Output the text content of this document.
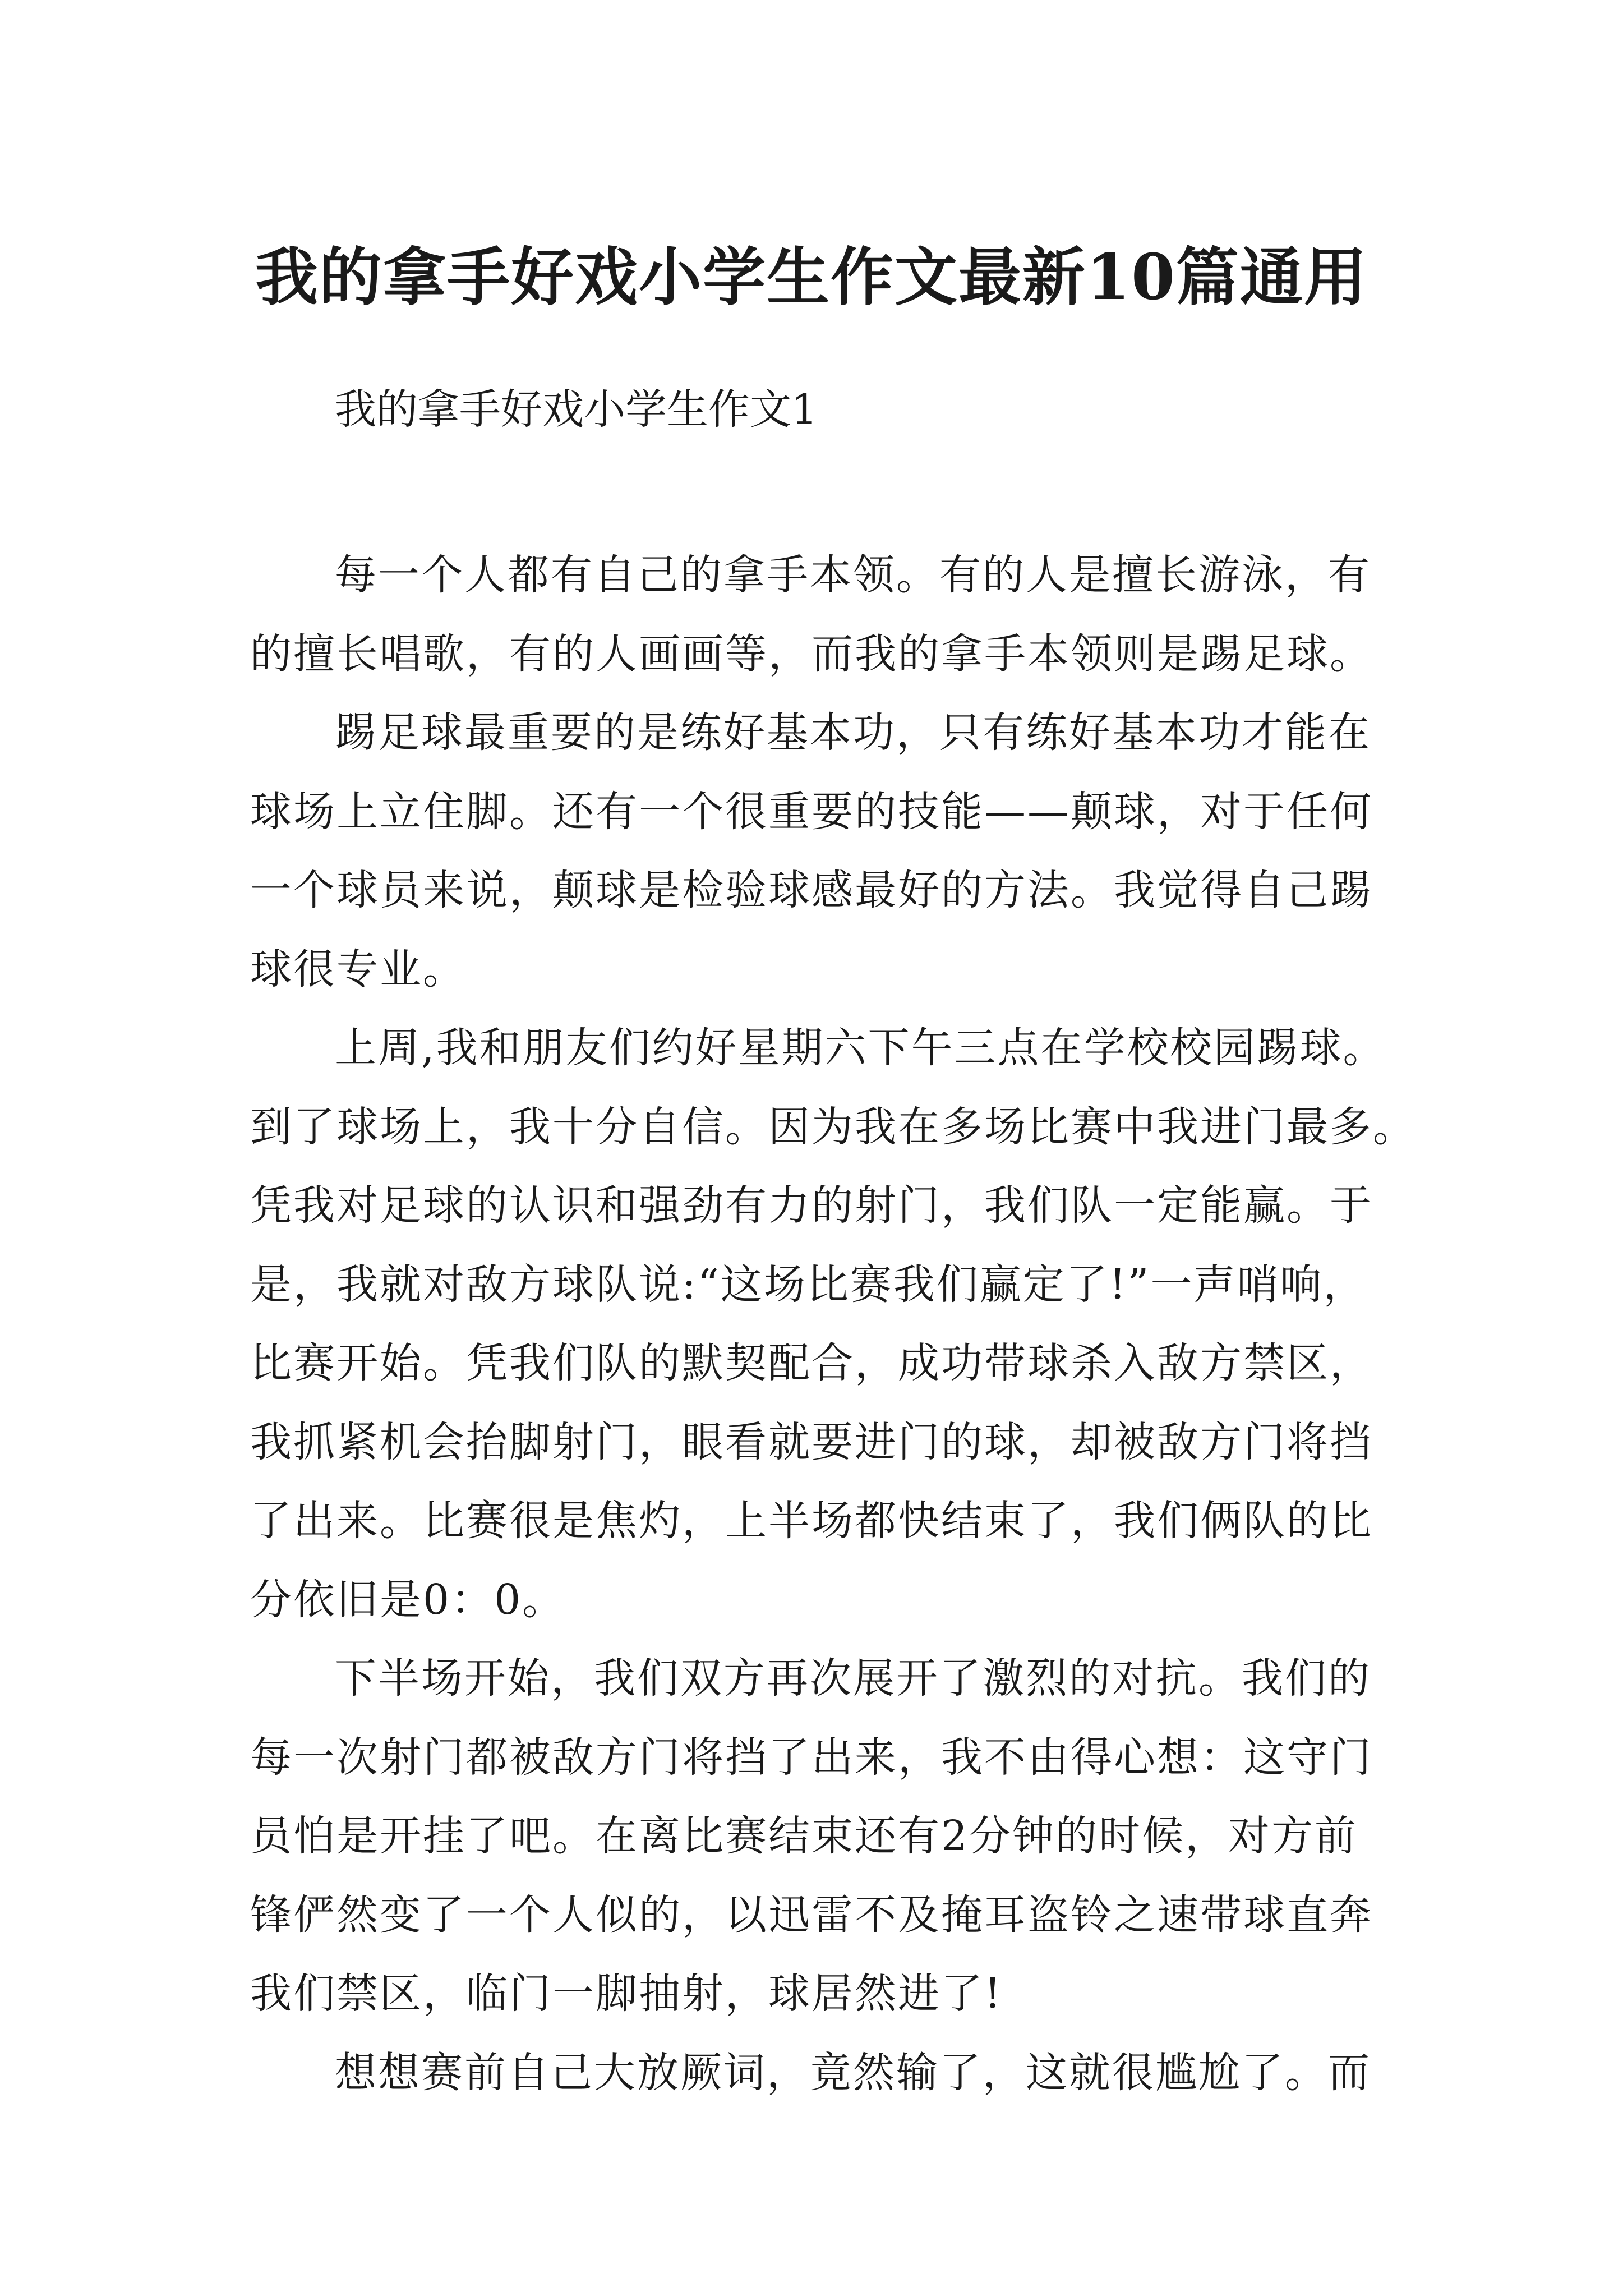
我的拿手好戏小学生作文最新10篇通用
我的拿手好戏小学生作文1

每一个人都有自己的拿手本领。有的人是擅长游泳，有
的擅长唱歌，有的人画画等，而我的拿手本领则是踢足球。

踢足球最重要的是练好基本功，只有练好基本功才能在
球场上立住脚。还有一个很重要的技能——颠球，对于任何
一个球员来说，颠球是检验球感最好的方法。我觉得自己踢
球很专业。

上周,我和朋友们约好星期六下午三点在学校校园踢球。
到了球场上，我十分自信。因为我在多场比赛中我进门最多。
凭我对足球的认识和强劲有力的射门，我们队一定能赢。于
是，我就对敌方球队说:“这场比赛我们赢定了!”一声哨响，
比赛开始。凭我们队的默契配合，成功带球杀入敌方禁区，
我抓紧机会抬脚射门，眼看就要进门的球，却被敌方门将挡
了出来。比赛很是焦灼，上半场都快结束了，我们俩队的比
分依旧是0：0。

下半场开始，我们双方再次展开了激烈的对抗。我们的
每一次射门都被敌方门将挡了出来，我不由得心想：这守门
员怕是开挂了吧。在离比赛结束还有2分钟的时候，对方前
锋俨然变了一个人似的，以迅雷不及掩耳盗铃之速带球直奔
我们禁区，临门一脚抽射，球居然进了!

想想赛前自己大放厥词，竟然输了，这就很尴尬了。而
